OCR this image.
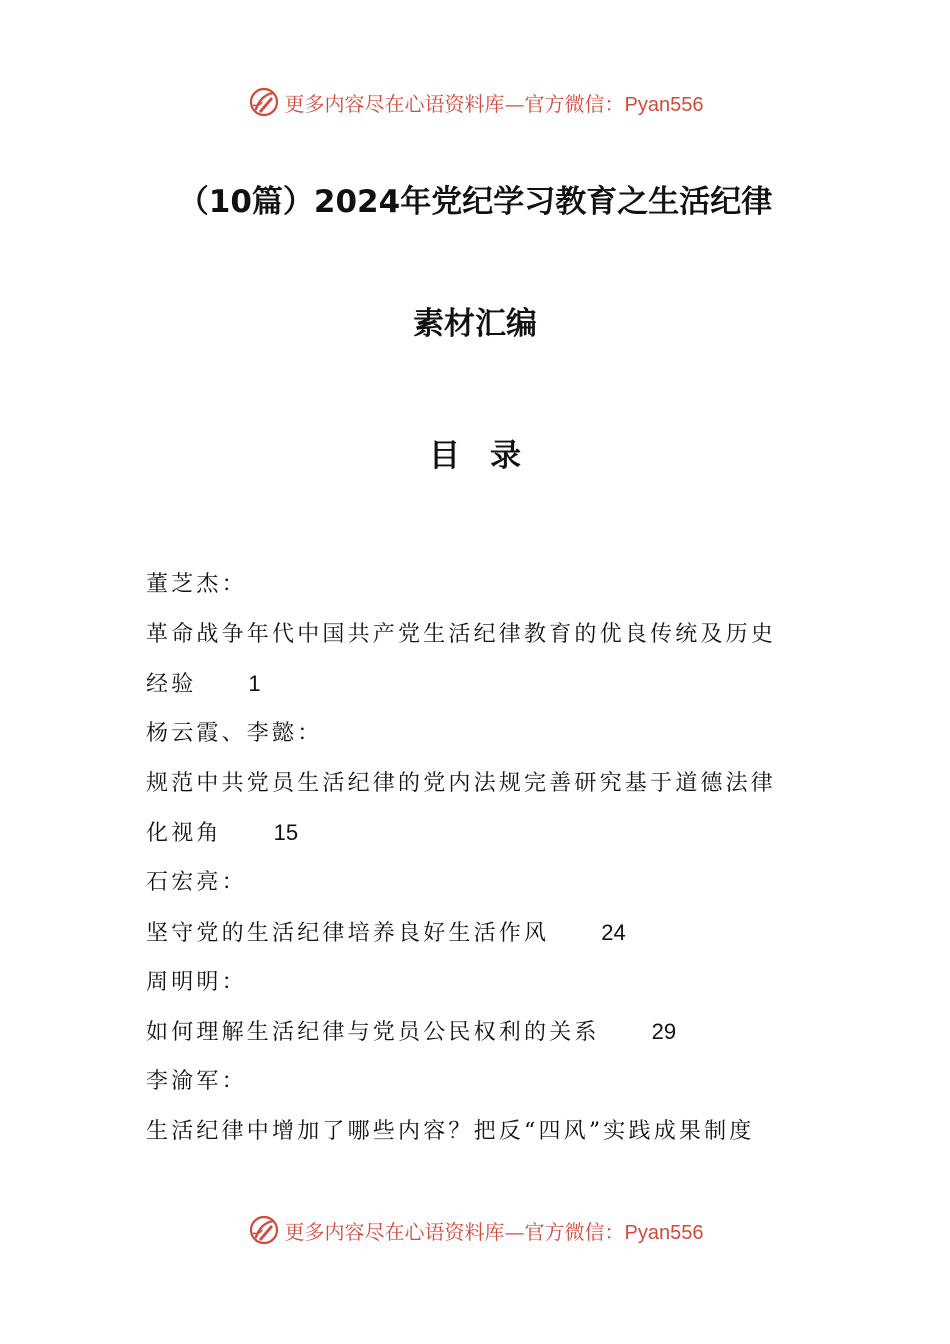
更多内容尽在心语资料库—官方微信：Pyan556
（10篇）2024年党纪学习教育之生活纪律
素材汇编
目录
董芝杰：
革命战争年代中国共产党生活纪律教育的优良传统及历史
经验 1
杨云霞、李懿：
规范中共党员生活纪律的党内法规完善研究基于道德法律
化视角 15
石宏亮：
坚守党的生活纪律培养良好生活作风 24
周明明：
如何理解生活纪律与党员公民权利的关系 29
李渝军：
生活纪律中增加了哪些内容？把反“四风”实践成果制度
更多内容尽在心语资料库—官方微信：Pyan556
